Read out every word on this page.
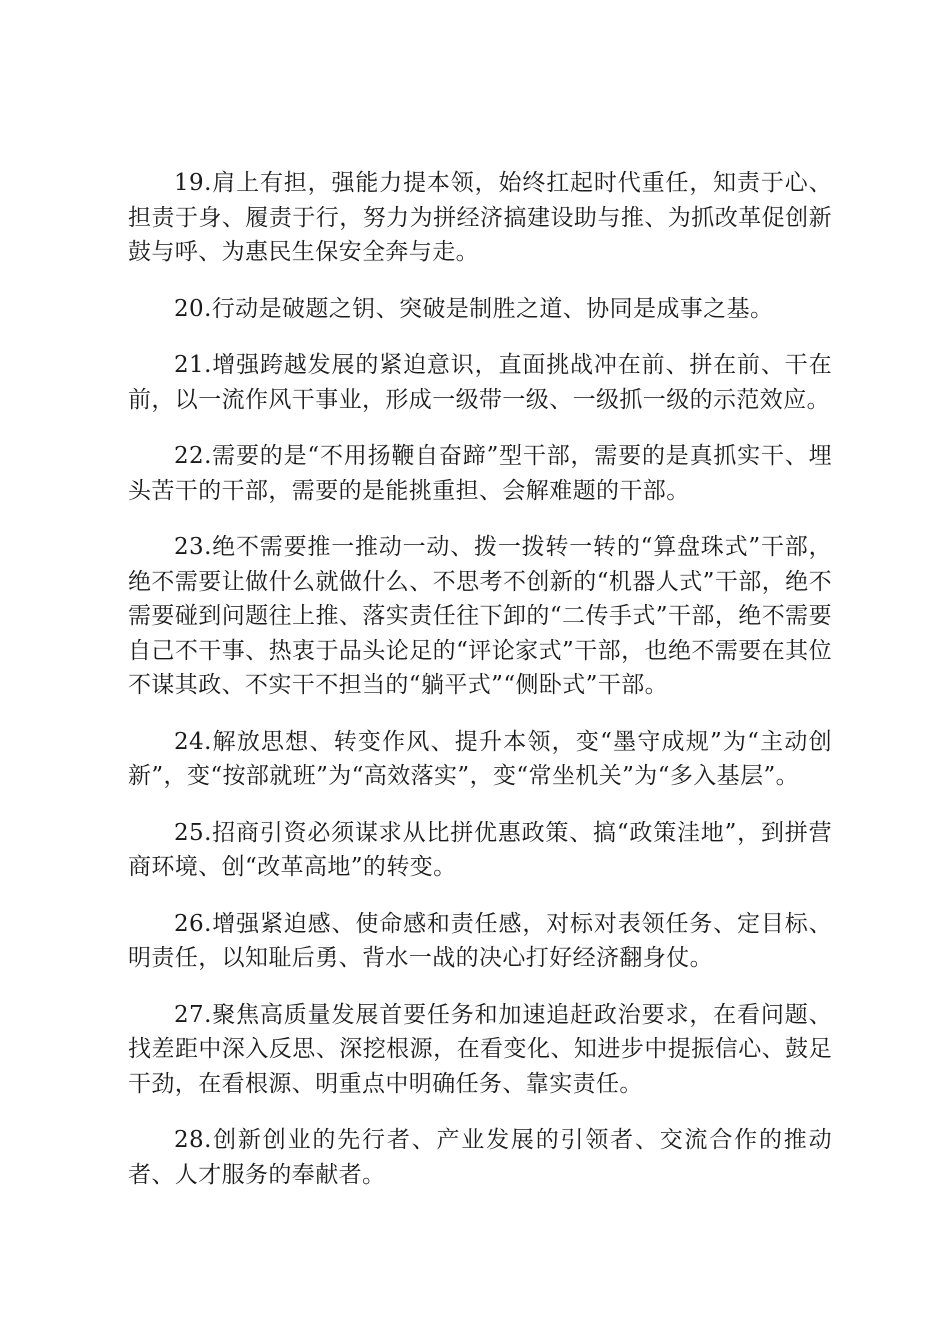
19.肩上有担，强能力提本领，始终扛起时代重任，知责于心、担责于身、履责于行，努力为拼经济搞建设助与推、为抓改革促创新鼓与呼、为惠民生保安全奔与走。

20.行动是破题之钥、突破是制胜之道、协同是成事之基。

21.增强跨越发展的紧迫意识，直面挑战冲在前、拼在前、干在前，以一流作风干事业，形成一级带一级、一级抓一级的示范效应。

22.需要的是“不用扬鞭自奋蹄”型干部，需要的是真抓实干、埋头苦干的干部，需要的是能挑重担、会解难题的干部。

23.绝不需要推一推动一动、拨一拨转一转的“算盘珠式”干部，绝不需要让做什么就做什么、不思考不创新的“机器人式”干部，绝不需要碰到问题往上推、落实责任往下卸的“二传手式”干部，绝不需要自己不干事、热衷于品头论足的“评论家式”干部，也绝不需要在其位不谋其政、不实干不担当的“躺平式”“侧卧式”干部。

24.解放思想、转变作风、提升本领，变“墨守成规”为“主动创新”，变“按部就班”为“高效落实”，变“常坐机关”为“多入基层”。

25.招商引资必须谋求从比拼优惠政策、搞“政策洼地”，到拼营商环境、创“改革高地”的转变。

26.增强紧迫感、使命感和责任感，对标对表领任务、定目标、明责任，以知耻后勇、背水一战的决心打好经济翻身仗。

27.聚焦高质量发展首要任务和加速追赶政治要求，在看问题、找差距中深入反思、深挖根源，在看变化、知进步中提振信心、鼓足干劲，在看根源、明重点中明确任务、靠实责任。

28.创新创业的先行者、产业发展的引领者、交流合作的推动者、人才服务的奉献者。
